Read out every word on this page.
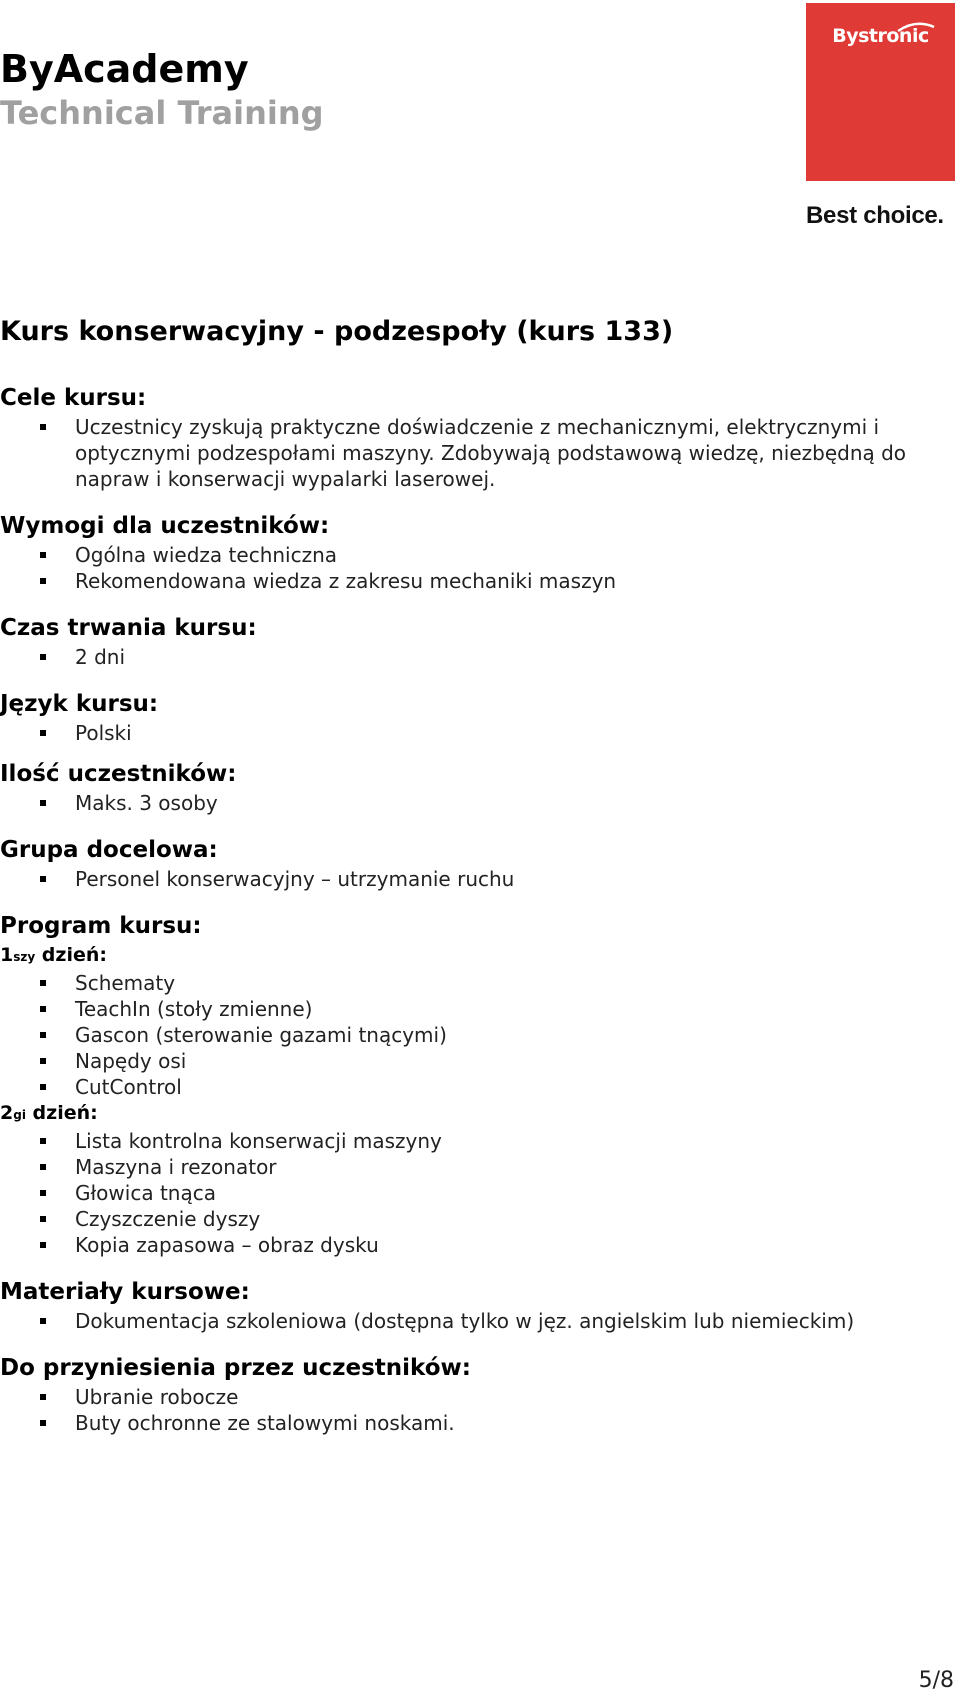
ByAcademy
Technical Training
Bystronic
Best choice.
Kurs konserwacyjny - podzespoły (kurs 133)
Cele kursu:
Uczestnicy zyskują praktyczne doświadczenie z mechanicznymi, elektrycznymi i optycznymi podzespołami maszyny. Zdobywają podstawową wiedzę, niezbędną do napraw i konserwacji wypalarki laserowej.
Wymogi dla uczestników:
Ogólna wiedza techniczna
Rekomendowana wiedza z zakresu mechaniki maszyn
Czas trwania kursu:
2 dni
Język kursu:
Polski
Ilość uczestników:
Maks. 3 osoby
Grupa docelowa:
Personel konserwacyjny – utrzymanie ruchu
Program kursu:
1szy dzień:
Schematy
TeachIn (stoły zmienne)
Gascon (sterowanie gazami tnącymi)
Napędy osi
CutControl
2gi dzień:
Lista kontrolna konserwacji maszyny
Maszyna i rezonator
Głowica tnąca
Czyszczenie dyszy
Kopia zapasowa – obraz dysku
Materiały kursowe:
Dokumentacja szkoleniowa (dostępna tylko w jęz. angielskim lub niemieckim)
Do przyniesienia przez uczestników:
Ubranie robocze
Buty ochronne ze stalowymi noskami.
5/8
